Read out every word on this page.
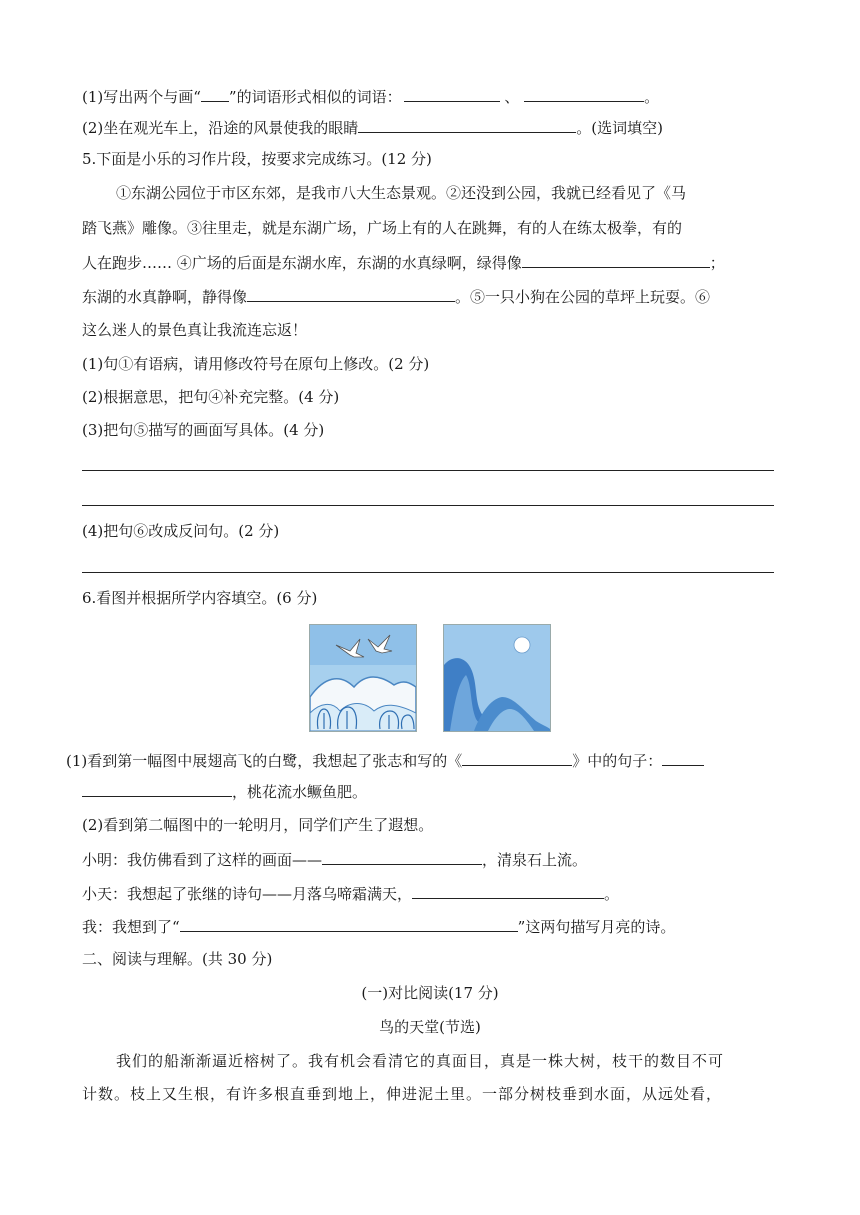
(1)写出两个与画“ ”的词语形式相似的词语：	、	。
(2)坐在观光车上，沿途的风景使我的眼睛	。(选词填空)
5.下面是小乐的习作片段，按要求完成练习。(12 分)
①东湖公园位于市区东郊，是我市八大生态景观。②还没到公园，我就已经看见了《马
踏飞燕》雕像。③往里走，就是东湖广场，广场上有的人在跳舞，有的人在练太极拳，有的
人在跑步…… ④广场的后面是东湖水库，东湖的水真绿啊，绿得像	；
东湖的水真静啊，静得像	。⑤一只小狗在公园的草坪上玩耍。⑥
这么迷人的景色真让我流连忘返！
(1)句①有语病，请用修改符号在原句上修改。(2 分)
(2)根据意思，把句④补充完整。(4 分)
(3)把句⑤描写的画面写具体。(4 分)
(4)把句⑥改成反问句。(2 分)
6.看图并根据所学内容填空。(6 分)
(1)看到第一幅图中展翅高飞的白鹭，我想起了张志和写的《	》中的句子：
，桃花流水鳜鱼肥。
(2)看到第二幅图中的一轮明月，同学们产生了遐想。
小明：我仿佛看到了这样的画面——	，清泉石上流。
小天：我想起了张继的诗句——月落乌啼霜满天，	。
我：我想到了“	”这两句描写月亮的诗。
二、阅读与理解。(共 30 分)
(一)对比阅读(17 分)
鸟的天堂(节选)
我们的船渐渐逼近榕树了。我有机会看清它的真面目，真是一株大树，枝干的数目不可
计数。枝上又生根，有许多根直垂到地上，伸进泥土里。一部分树枝垂到水面，从远处看，
